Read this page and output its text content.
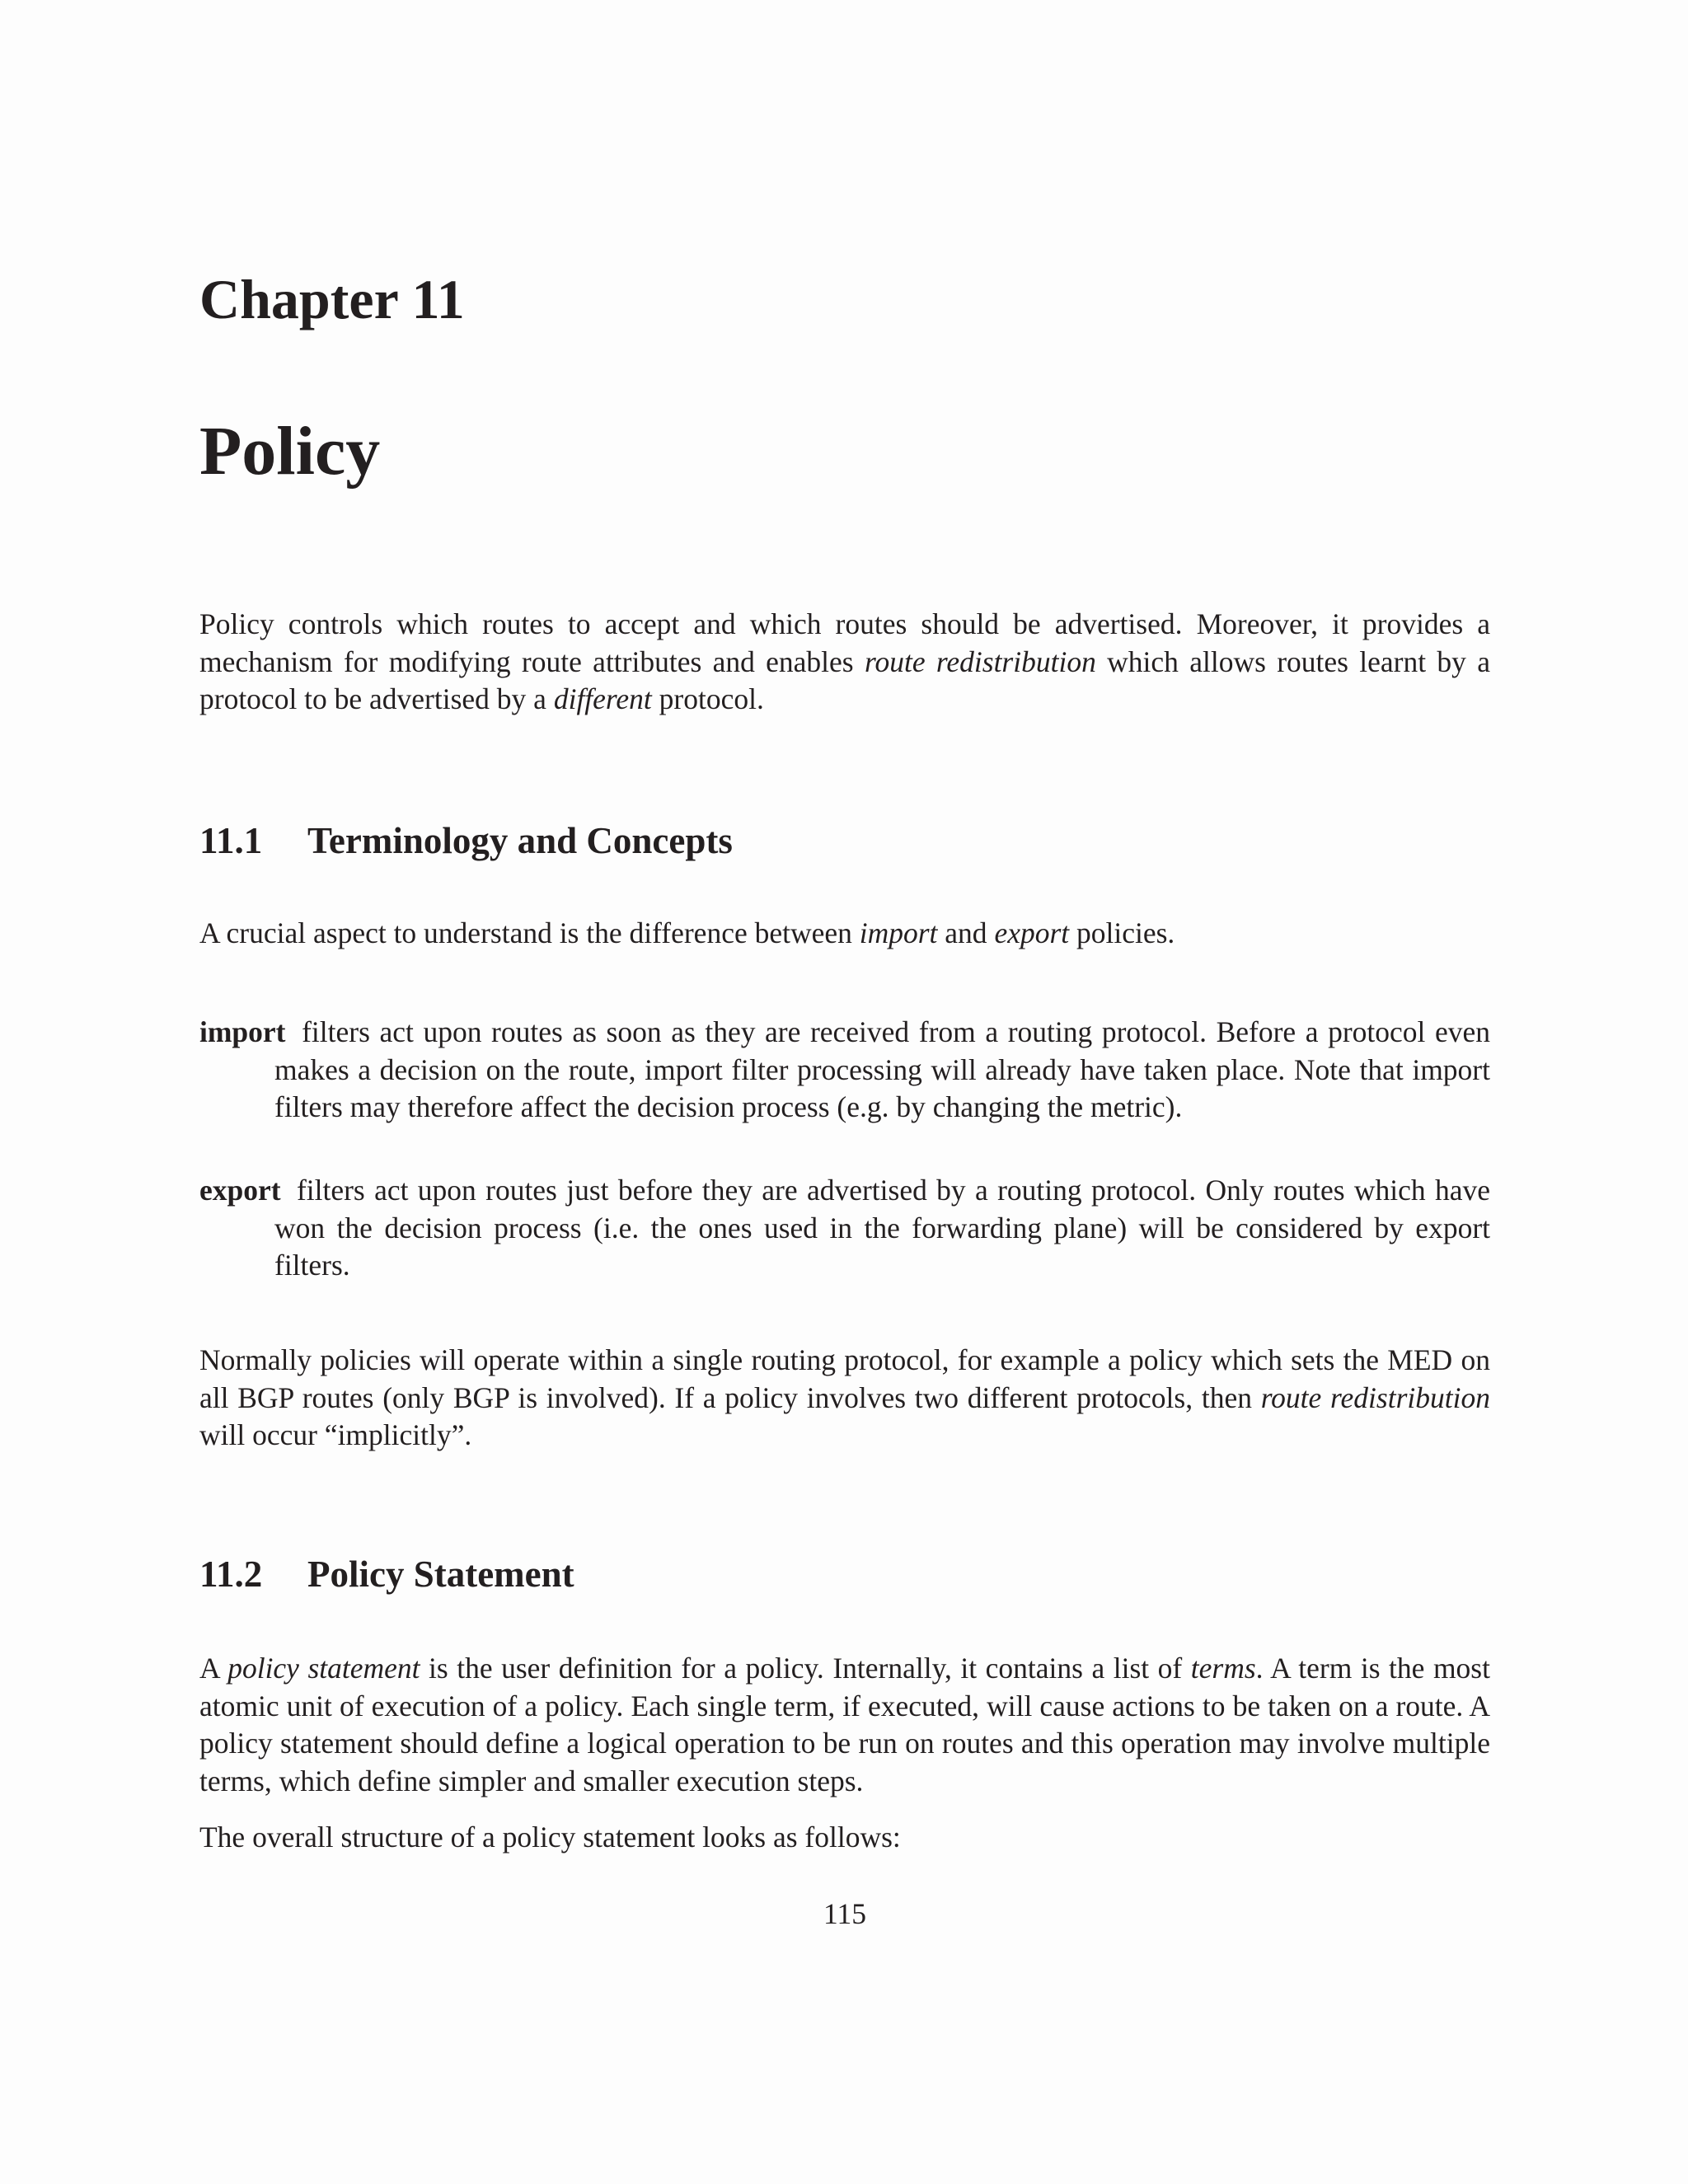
Chapter 11
Policy

Policy controls which routes to accept and which routes should be advertised. Moreover, it provides a mechanism for modifying route attributes and enables route redistribution which allows routes learnt by a protocol to be advertised by a different protocol.

11.1 Terminology and Concepts

A crucial aspect to understand is the difference between import and export policies.

import filters act upon routes as soon as they are received from a routing protocol. Before a protocol even makes a decision on the route, import filter processing will already have taken place. Note that import filters may therefore affect the decision process (e.g. by changing the metric).

export filters act upon routes just before they are advertised by a routing protocol. Only routes which have won the decision process (i.e. the ones used in the forwarding plane) will be considered by export filters.

Normally policies will operate within a single routing protocol, for example a policy which sets the MED on all BGP routes (only BGP is involved). If a policy involves two different protocols, then route redistribution will occur “implicitly”.

11.2 Policy Statement

A policy statement is the user definition for a policy. Internally, it contains a list of terms. A term is the most atomic unit of execution of a policy. Each single term, if executed, will cause actions to be taken on a route. A policy statement should define a logical operation to be run on routes and this operation may involve multiple terms, which define simpler and smaller execution steps.

The overall structure of a policy statement looks as follows:

115
